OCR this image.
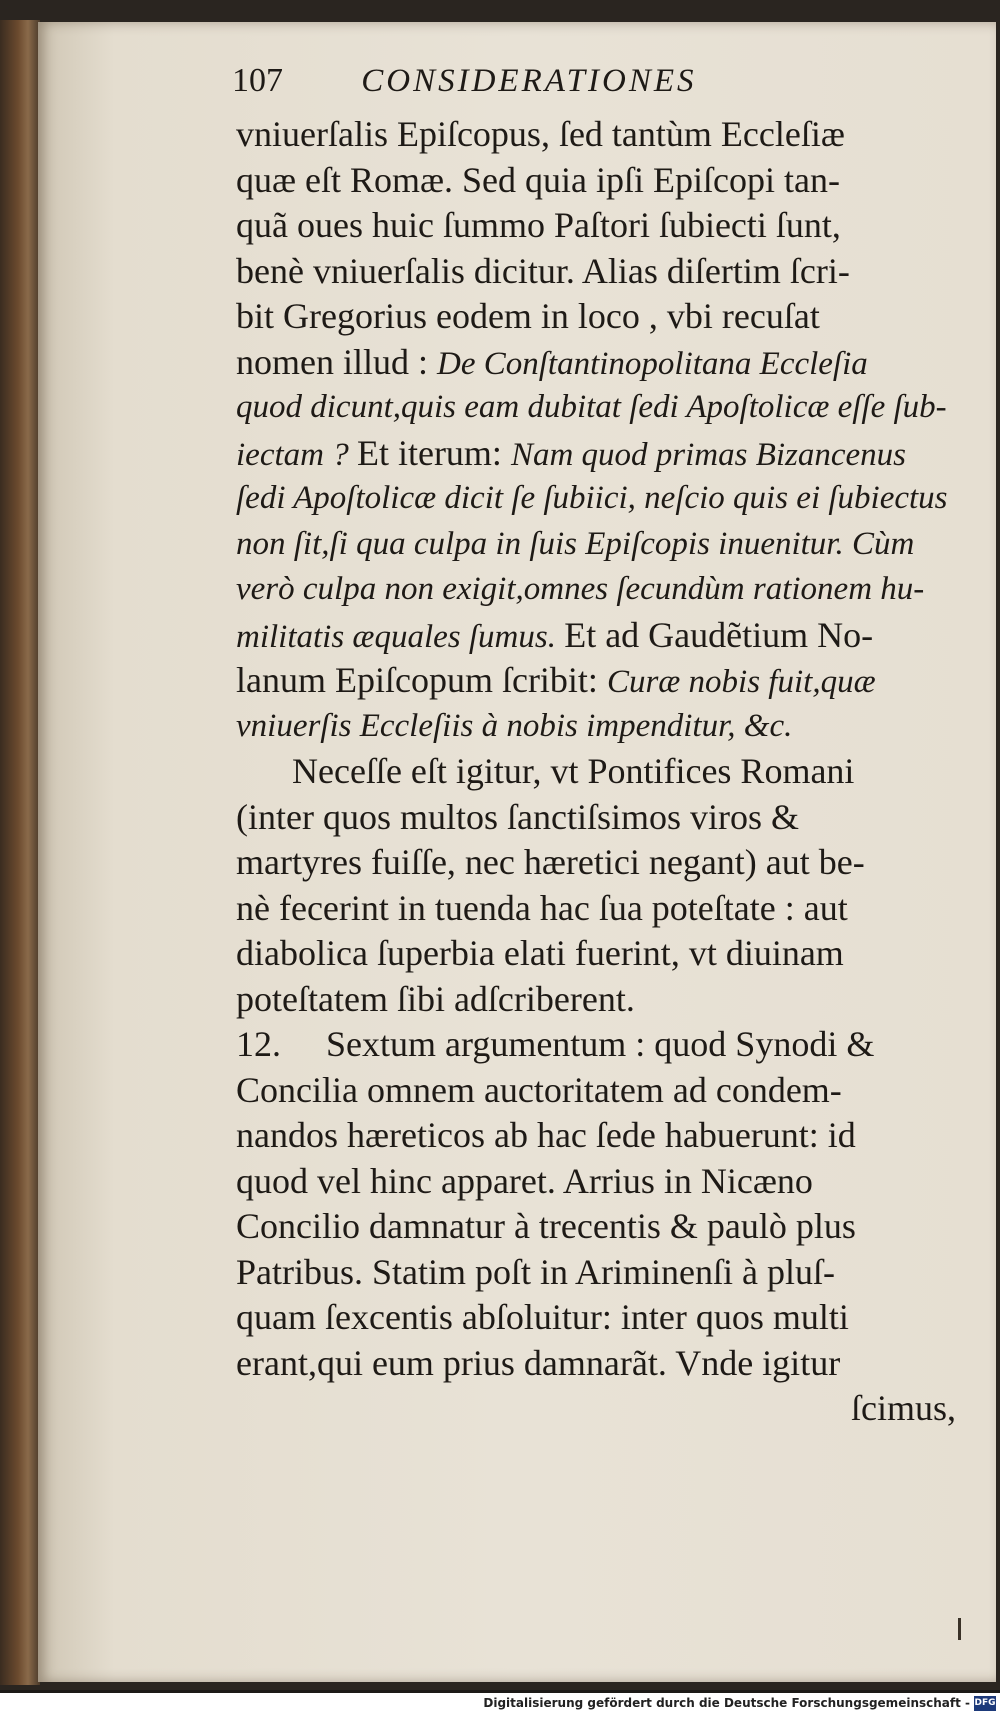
107 CONSIDERATIONES
vniuerſalis Epiſcopus, ſed tantùm Eccleſiæ
quæ eſt Romæ. Sed quia ipſi Epiſcopi tan-
quã oues huic ſummo Paſtori ſubiecti ſunt,
benè vniuerſalis dicitur. Alias diſertim ſcri-
bit Gregorius eodem in loco , vbi recuſat
nomen illud : De Conſtantinopolitana Eccleſia
quod dicunt,quis eam dubitat ſedi Apoſtolicæ eſſe ſub-
iectam ? Et iterum: Nam quod primas Bizancenus
ſedi Apoſtolicæ dicit ſe ſubiici, neſcio quis ei ſubiectus
non ſit,ſi qua culpa in ſuis Epiſcopis inuenitur. Cùm
verò culpa non exigit,omnes ſecundùm rationem hu-
militatis æquales ſumus. Et ad Gaudẽtium No-
lanum Epiſcopum ſcribit: Curæ nobis fuit,quæ
vniuerſis Eccleſiis à nobis impenditur, &c.
Neceſſe eſt igitur, vt Pontifices Romani
(inter quos multos ſanctiſsimos viros &
martyres fuiſſe, nec hæretici negant) aut be-
nè fecerint in tuenda hac ſua poteſtate : aut
diabolica ſuperbia elati fuerint, vt diuinam
poteſtatem ſibi adſcriberent.
12. Sextum argumentum : quod Synodi &
Concilia omnem auctoritatem ad condem-
nandos hæreticos ab hac ſede habuerunt: id
quod vel hinc apparet. Arrius in Nicæno
Concilio damnatur à trecentis & paulò plus
Patribus. Statim poſt in Ariminenſi à pluſ-
quam ſexcentis abſoluitur: inter quos multi
erant,qui eum prius damnarãt. Vnde igitur
ſcimus,
Digitalisierung gefördert durch die Deutsche Forschungsgemeinschaft - DFG
